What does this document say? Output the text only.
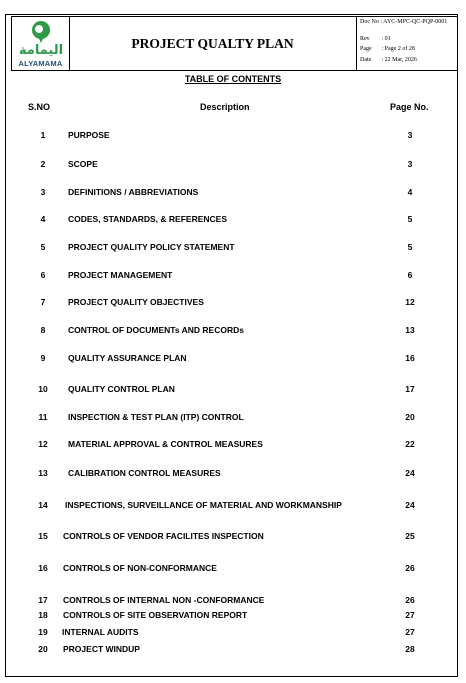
اليمامة
ALYAMAMA
PROJECT QUALTY PLAN
Doc No : AYC-MPC-QC-PQP-0001
Rev : 01
Page : Page 2 of 28
Date : 22 Mar, 2026
TABLE OF CONTENTS
S.NO	Description	Page No.
1	PURPOSE	3
2	SCOPE	3
3	DEFINITIONS / ABBREVIATIONS	4
4	CODES, STANDARDS, & REFERENCES	5
5	PROJECT QUALITY POLICY STATEMENT	5
6	PROJECT MANAGEMENT	6
7	PROJECT QUALITY OBJECTIVES	12
8	CONTROL OF DOCUMENTs AND RECORDs	13
9	QUALITY ASSURANCE PLAN	16
10	QUALITY CONTROL PLAN	17
11	INSPECTION & TEST PLAN (ITP) CONTROL	20
12	MATERIAL APPROVAL & CONTROL MEASURES	22
13	CALIBRATION CONTROL MEASURES	24
14	INSPECTIONS, SURVEILLANCE OF MATERIAL AND WORKMANSHIP	24
15	CONTROLS OF VENDOR FACILITES INSPECTION	25
16	CONTROLS OF NON-CONFORMANCE	26
17	CONTROLS OF INTERNAL NON -CONFORMANCE	26
18	CONTROLS OF SITE OBSERVATION REPORT	27
19	INTERNAL AUDITS	27
20	PROJECT WINDUP	28
